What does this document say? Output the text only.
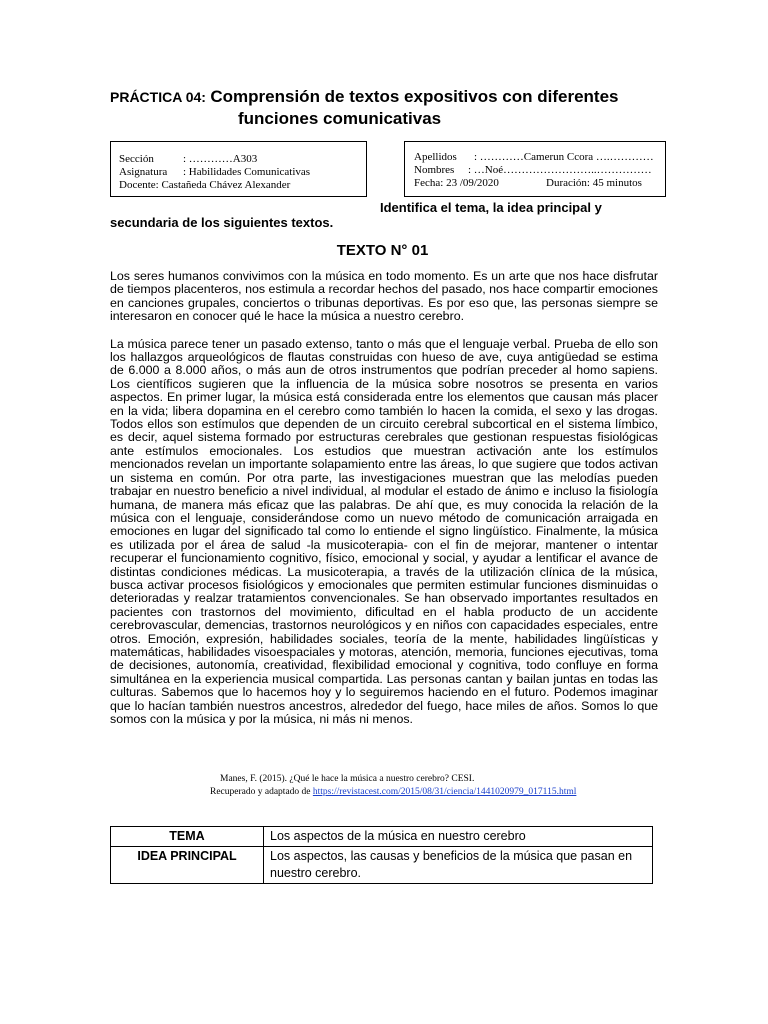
PRÁCTICA 04: Comprensión de textos expositivos con diferentes
funciones comunicativas
Sección	: …………A303
Asignatura	: Habilidades Comunicativas
Docente: Castañeda Chávez Alexander
Apellidos	: …………Camerun Ccora ….…………
Nombres	: …Noé……………………..……………
Fecha: 23 /09/2020	Duración: 45 minutos
Identifica el tema, la idea principal y
secundaria de los siguientes textos.
TEXTO N° 01

Los seres humanos convivimos con la música en todo momento. Es un arte que nos hace disfrutar de tiempos placenteros, nos estimula a recordar hechos del pasado, nos hace compartir emociones en canciones grupales, conciertos o tribunas deportivas. Es por eso que, las personas siempre se interesaron en conocer qué le hace la música a nuestro cerebro.

La música parece tener un pasado extenso, tanto o más que el lenguaje verbal. Prueba de ello son los hallazgos arqueológicos de flautas construidas con hueso de ave, cuya antigüedad se estima de 6.000 a 8.000 años, o más aun de otros instrumentos que podrían preceder al homo sapiens. Los científicos sugieren que la influencia de la música sobre nosotros se presenta en varios aspectos. En primer lugar, la música está considerada entre los elementos que causan más placer en la vida; libera dopamina en el cerebro como también lo hacen la comida, el sexo y las drogas. Todos ellos son estímulos que dependen de un circuito cerebral subcortical en el sistema límbico, es decir, aquel sistema formado por estructuras cerebrales que gestionan respuestas fisiológicas ante estímulos emocionales. Los estudios que muestran activación ante los estímulos mencionados revelan un importante solapamiento entre las áreas, lo que sugiere que todos activan un sistema en común. Por otra parte, las investigaciones muestran que las melodías pueden trabajar en nuestro beneficio a nivel individual, al modular el estado de ánimo e incluso la fisiología humana, de manera más eficaz que las palabras. De ahí que, es muy conocida la relación de la música con el lenguaje, considerándose como un nuevo método de comunicación arraigada en emociones en lugar del significado tal como lo entiende el signo lingüístico. Finalmente, la música es utilizada por el área de salud -la musicoterapia- con el fin de mejorar, mantener o intentar recuperar el funcionamiento cognitivo, físico, emocional y social, y ayudar a lentificar el avance de distintas condiciones médicas. La musicoterapia, a través de la utilización clínica de la música, busca activar procesos fisiológicos y emocionales que permiten estimular funciones disminuidas o deterioradas y realzar tratamientos convencionales. Se han observado importantes resultados en pacientes con trastornos del movimiento, dificultad en el habla producto de un accidente cerebrovascular, demencias, trastornos neurológicos y en niños con capacidades especiales, entre otros. Emoción, expresión, habilidades sociales, teoría de la mente, habilidades lingüísticas y matemáticas, habilidades visoespaciales y motoras, atención, memoria, funciones ejecutivas, toma de decisiones, autonomía, creatividad, flexibilidad emocional y cognitiva, todo confluye en forma simultánea en la experiencia musical compartida. Las personas cantan y bailan juntas en todas las culturas. Sabemos que lo hacemos hoy y lo seguiremos haciendo en el futuro. Podemos imaginar que lo hacían también nuestros ancestros, alrededor del fuego, hace miles de años. Somos lo que somos con la música y por la música, ni más ni menos.

Manes, F. (2015). ¿Qué le hace la música a nuestro cerebro? CESI.
Recuperado y adaptado de https://revistacest.com/2015/08/31/ciencia/1441020979_017115.html
TEMA	Los aspectos de la música en nuestro cerebro
IDEA PRINCIPAL	Los aspectos, las causas y beneficios de la música que pasan en nuestro cerebro.
